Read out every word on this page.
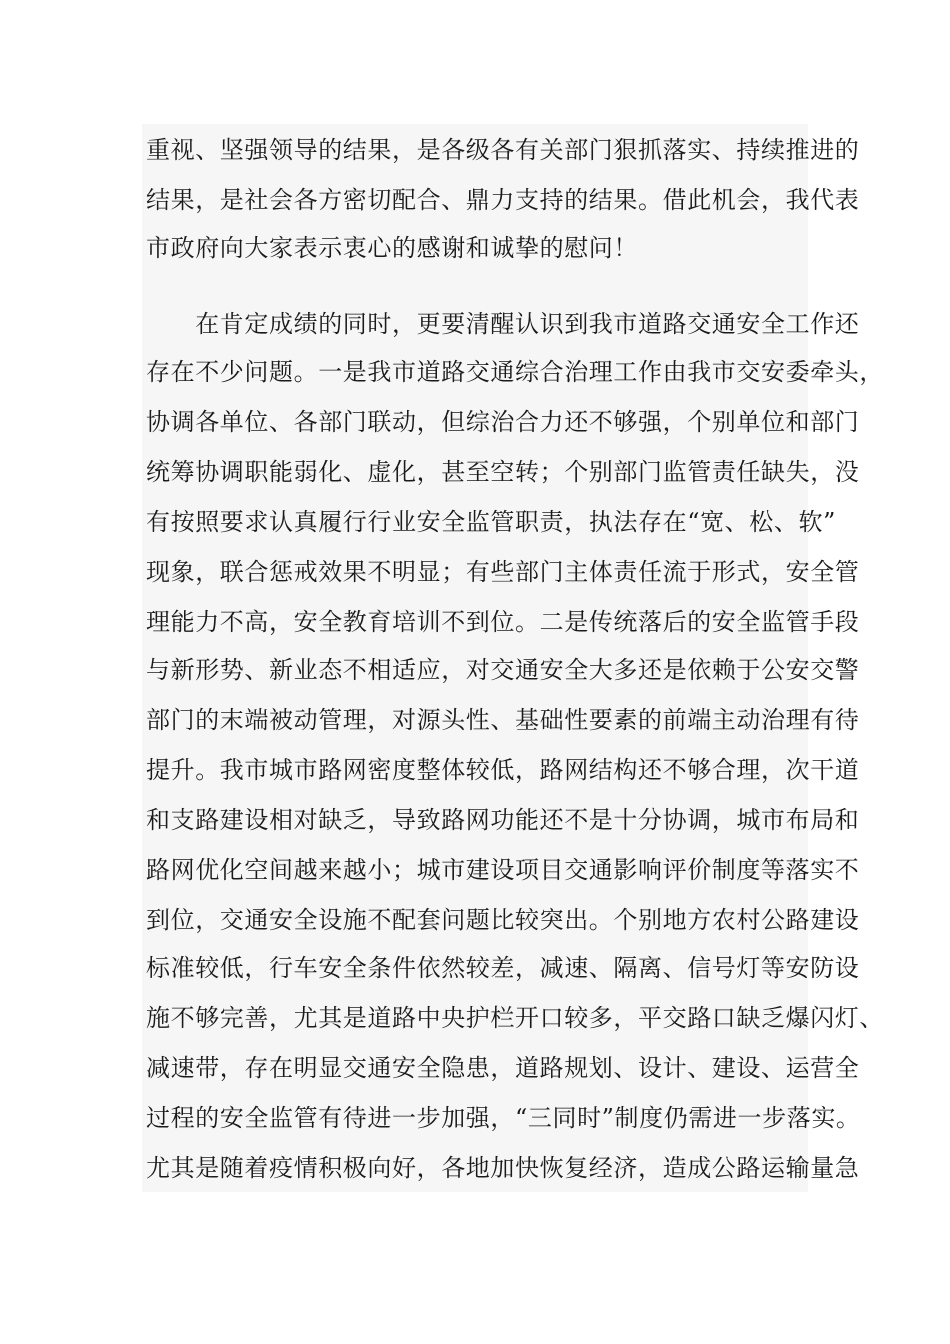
重视、坚强领导的结果，是各级各有关部门狠抓落实、持续推进的
结果，是社会各方密切配合、鼎力支持的结果。借此机会，我代表
市政府向大家表示衷心的感谢和诚挚的慰问！
　　在肯定成绩的同时，更要清醒认识到我市道路交通安全工作还
存在不少问题。一是我市道路交通综合治理工作由我市交安委牵头，
协调各单位、各部门联动，但综治合力还不够强，个别单位和部门
统筹协调职能弱化、虚化，甚至空转；个别部门监管责任缺失，没
有按照要求认真履行行业安全监管职责，执法存在“宽、松、软”
现象，联合惩戒效果不明显；有些部门主体责任流于形式，安全管
理能力不高，安全教育培训不到位。二是传统落后的安全监管手段
与新形势、新业态不相适应，对交通安全大多还是依赖于公安交警
部门的末端被动管理，对源头性、基础性要素的前端主动治理有待
提升。我市城市路网密度整体较低，路网结构还不够合理，次干道
和支路建设相对缺乏，导致路网功能还不是十分协调，城市布局和
路网优化空间越来越小；城市建设项目交通影响评价制度等落实不
到位，交通安全设施不配套问题比较突出。个别地方农村公路建设
标准较低，行车安全条件依然较差，减速、隔离、信号灯等安防设
施不够完善，尤其是道路中央护栏开口较多，平交路口缺乏爆闪灯、
减速带，存在明显交通安全隐患，道路规划、设计、建设、运营全
过程的安全监管有待进一步加强，“三同时”制度仍需进一步落实。
尤其是随着疫情积极向好，各地加快恢复经济，造成公路运输量急
